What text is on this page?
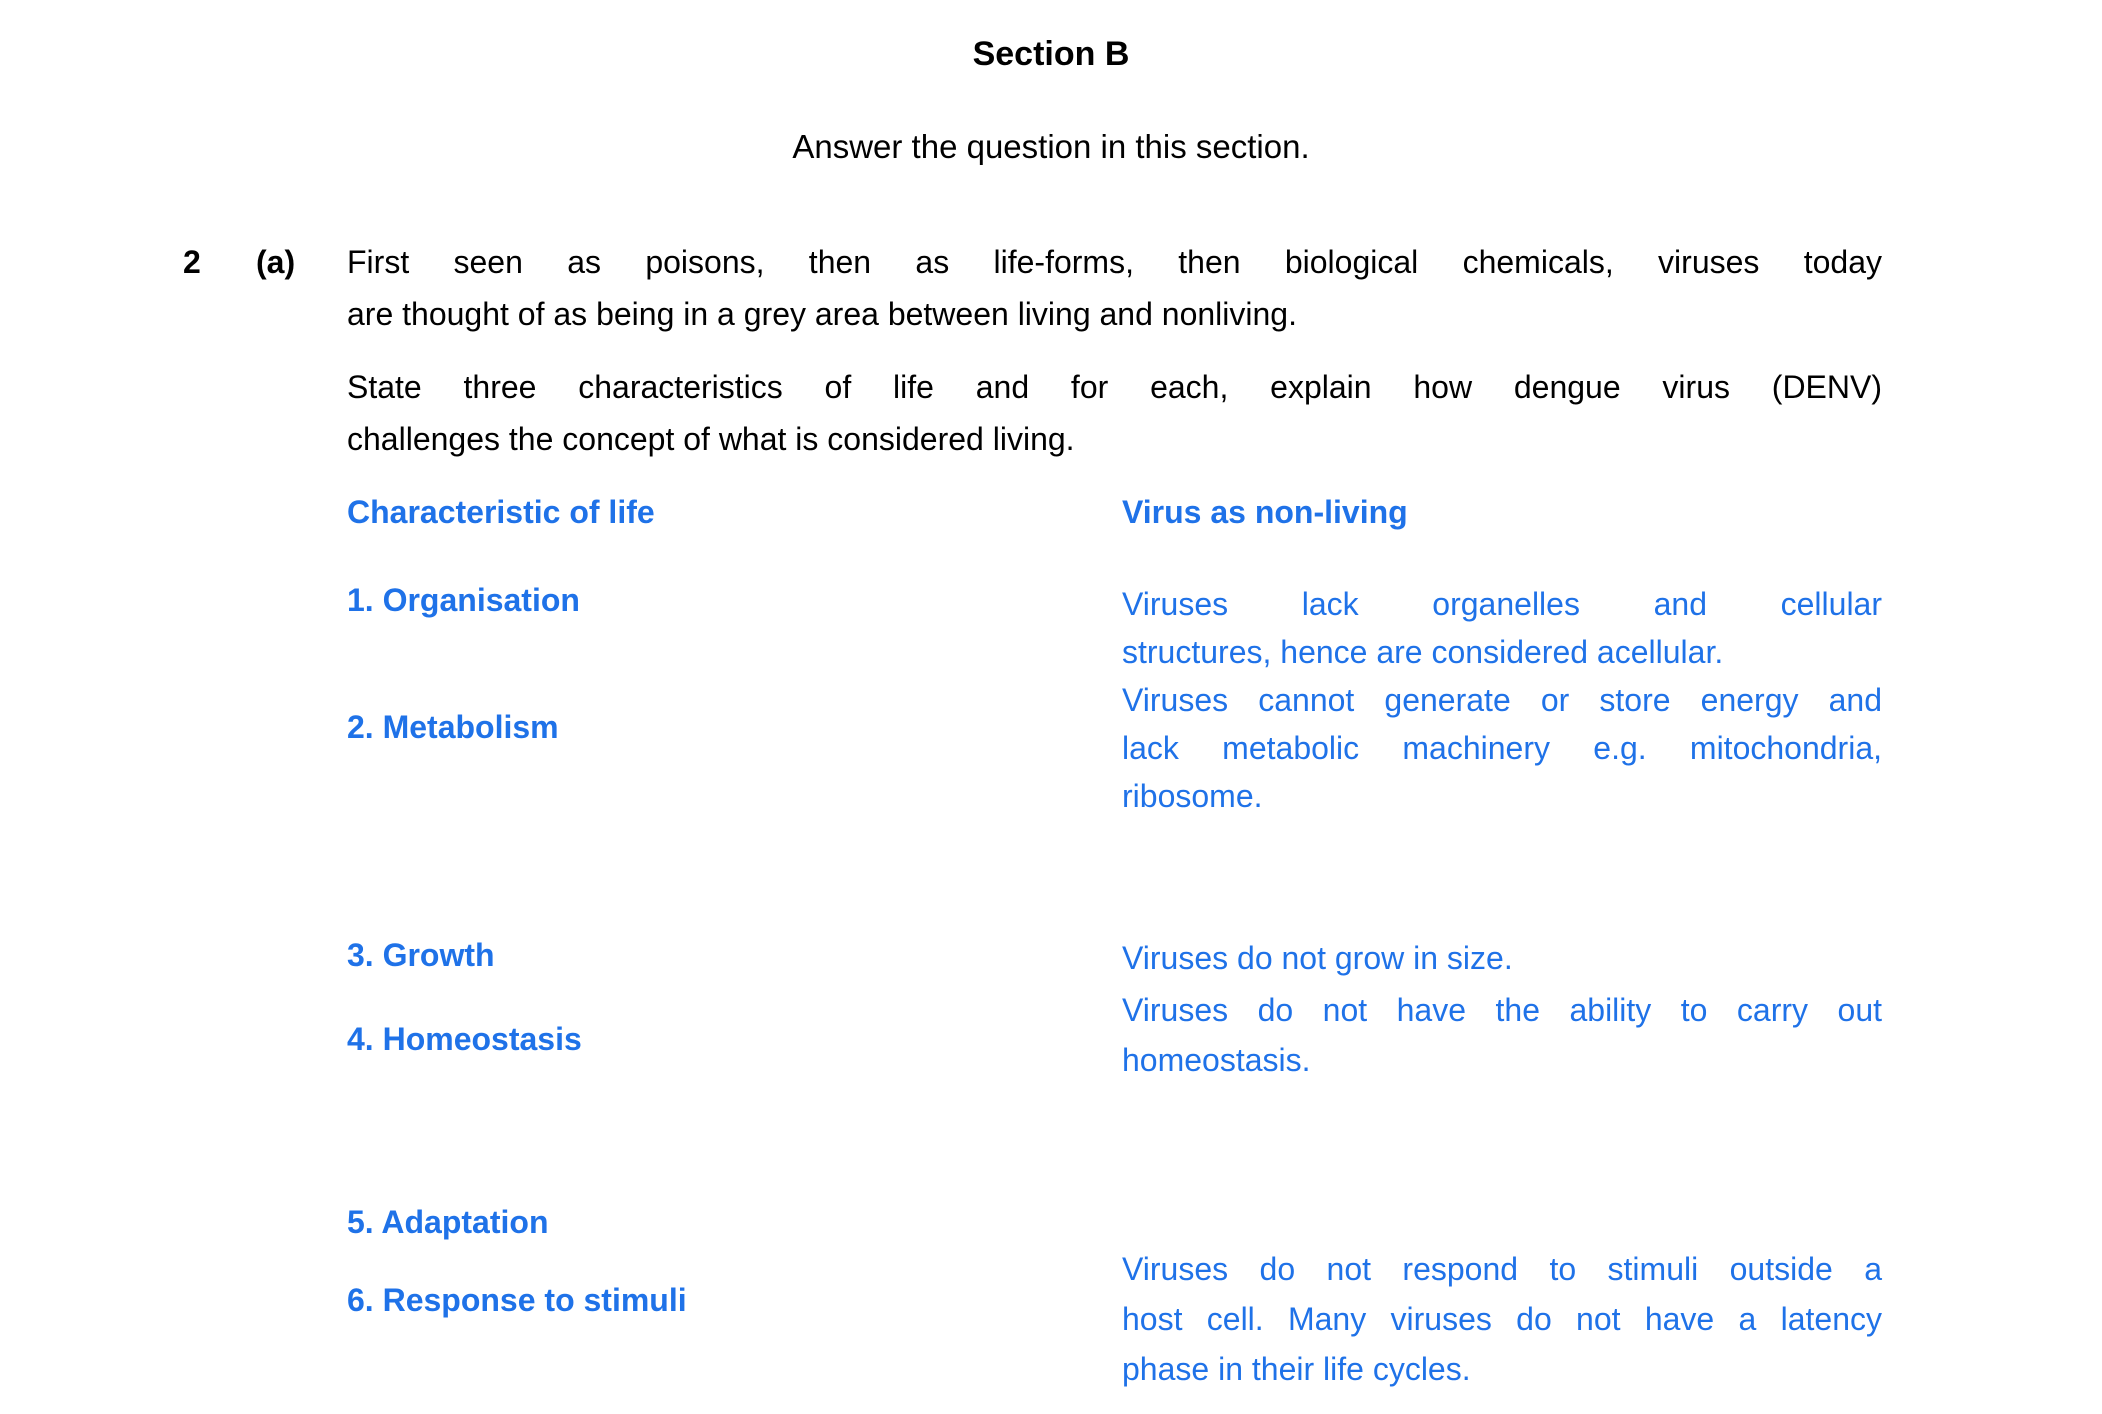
Section B
Answer the question in this section.
2 (a) First seen as poisons, then as life-forms, then biological chemicals, viruses today
are thought of as being in a grey area between living and nonliving.
State three characteristics of life and for each, explain how dengue virus (DENV)
challenges the concept of what is considered living.
Characteristic of life	Virus as non-living
1. Organisation
2. Metabolism
3. Growth
4. Homeostasis
5. Adaptation
6. Response to stimuli
Viruses lack organelles and cellular
structures, hence are considered acellular.
Viruses cannot generate or store energy and
lack metabolic machinery e.g. mitochondria,
ribosome.
Viruses do not grow in size.
Viruses do not have the ability to carry out
homeostasis.
Viruses do not respond to stimuli outside a
host cell. Many viruses do not have a latency
phase in their life cycles.
